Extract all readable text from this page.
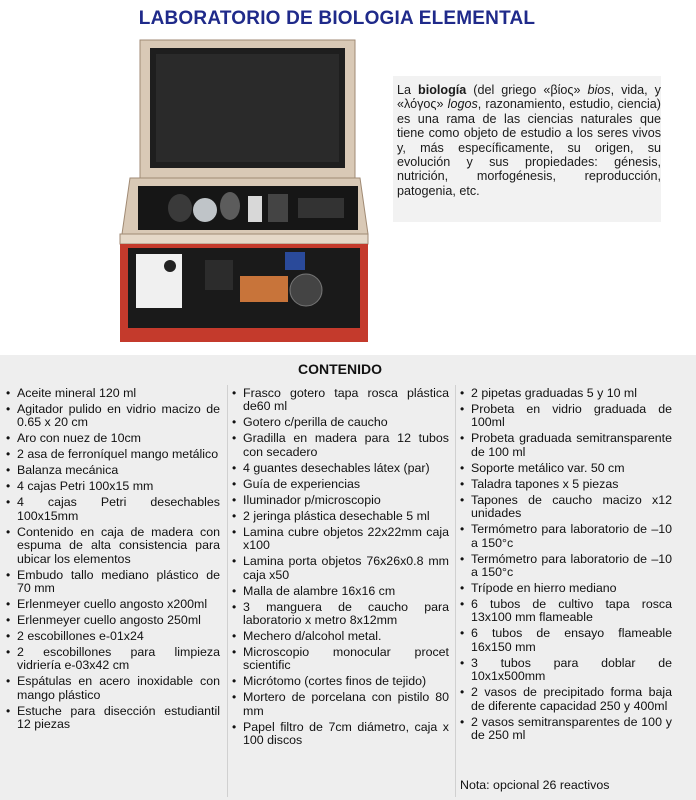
LABORATORIO DE BIOLOGIA ELEMENTAL
La biología (del griego «βίος» bios, vida, y «λόγος» logos, razonamiento, estudio, ciencia) es una rama de las ciencias naturales que tiene como objeto de estudio a los seres vivos y, más específicamente, su origen, su evolución y sus propiedades: génesis, nutrición, morfogénesis, reproducción, patogenia, etc.
CONTENIDO
• Aceite mineral 120 ml
• Agitador pulido en vidrio macizo de 0.65 x 20 cm
• Aro con nuez de 10cm
• 2 asa de ferroníquel mango metálico
• Balanza mecánica
• 4 cajas Petri 100x15 mm
• 4 cajas Petri desechables 100x15mm
• Contenido en caja de madera con espuma de alta consistencia para ubicar los elementos
• Embudo tallo mediano plástico de 70 mm
• Erlenmeyer cuello angosto x200ml
• Erlenmeyer cuello angosto 250ml
• 2 escobillones e-01x24
• 2 escobillones para limpieza vidriería e-03x42 cm
• Espátulas en acero inoxidable con mango plástico
• Estuche para disección estudiantil 12 piezas
• Frasco gotero tapa rosca plástica de60 ml
• Gotero c/perilla de caucho
• Gradilla en madera para 12 tubos con secadero
• 4 guantes desechables látex (par)
• Guía de experiencias
• Iluminador p/microscopio
• 2 jeringa plástica desechable 5 ml
• Lamina cubre objetos 22x22mm caja x100
• Lamina porta objetos 76x26x0.8 mm caja x50
• Malla de alambre 16x16 cm
• 3 manguera de caucho para laboratorio x metro 8x12mm
• Mechero d/alcohol metal.
• Microscopio monocular procet scientific
• Micrótomo (cortes finos de tejido)
• Mortero de porcelana con pistilo 80 mm
• Papel filtro de 7cm diámetro, caja x 100 discos
• 2 pipetas graduadas 5 y 10 ml
• Probeta en vidrio graduada de 100ml
• Probeta graduada semitransparente de 100 ml
• Soporte metálico var. 50 cm
• Taladra tapones x 5 piezas
• Tapones de caucho macizo x12 unidades
• Termómetro para laboratorio de –10 a 150°c
• Termómetro para laboratorio de –10 a 150°c
• Trípode en hierro mediano
• 6 tubos de cultivo tapa rosca 13x100 mm flameable
• 6 tubos de ensayo flameable 16x150 mm
• 3 tubos para doblar de 10x1x500mm
• 2 vasos de precipitado forma baja de diferente capacidad 250 y 400ml
• 2 vasos semitransparentes de 100 y de 250 ml
Nota: opcional 26 reactivos
